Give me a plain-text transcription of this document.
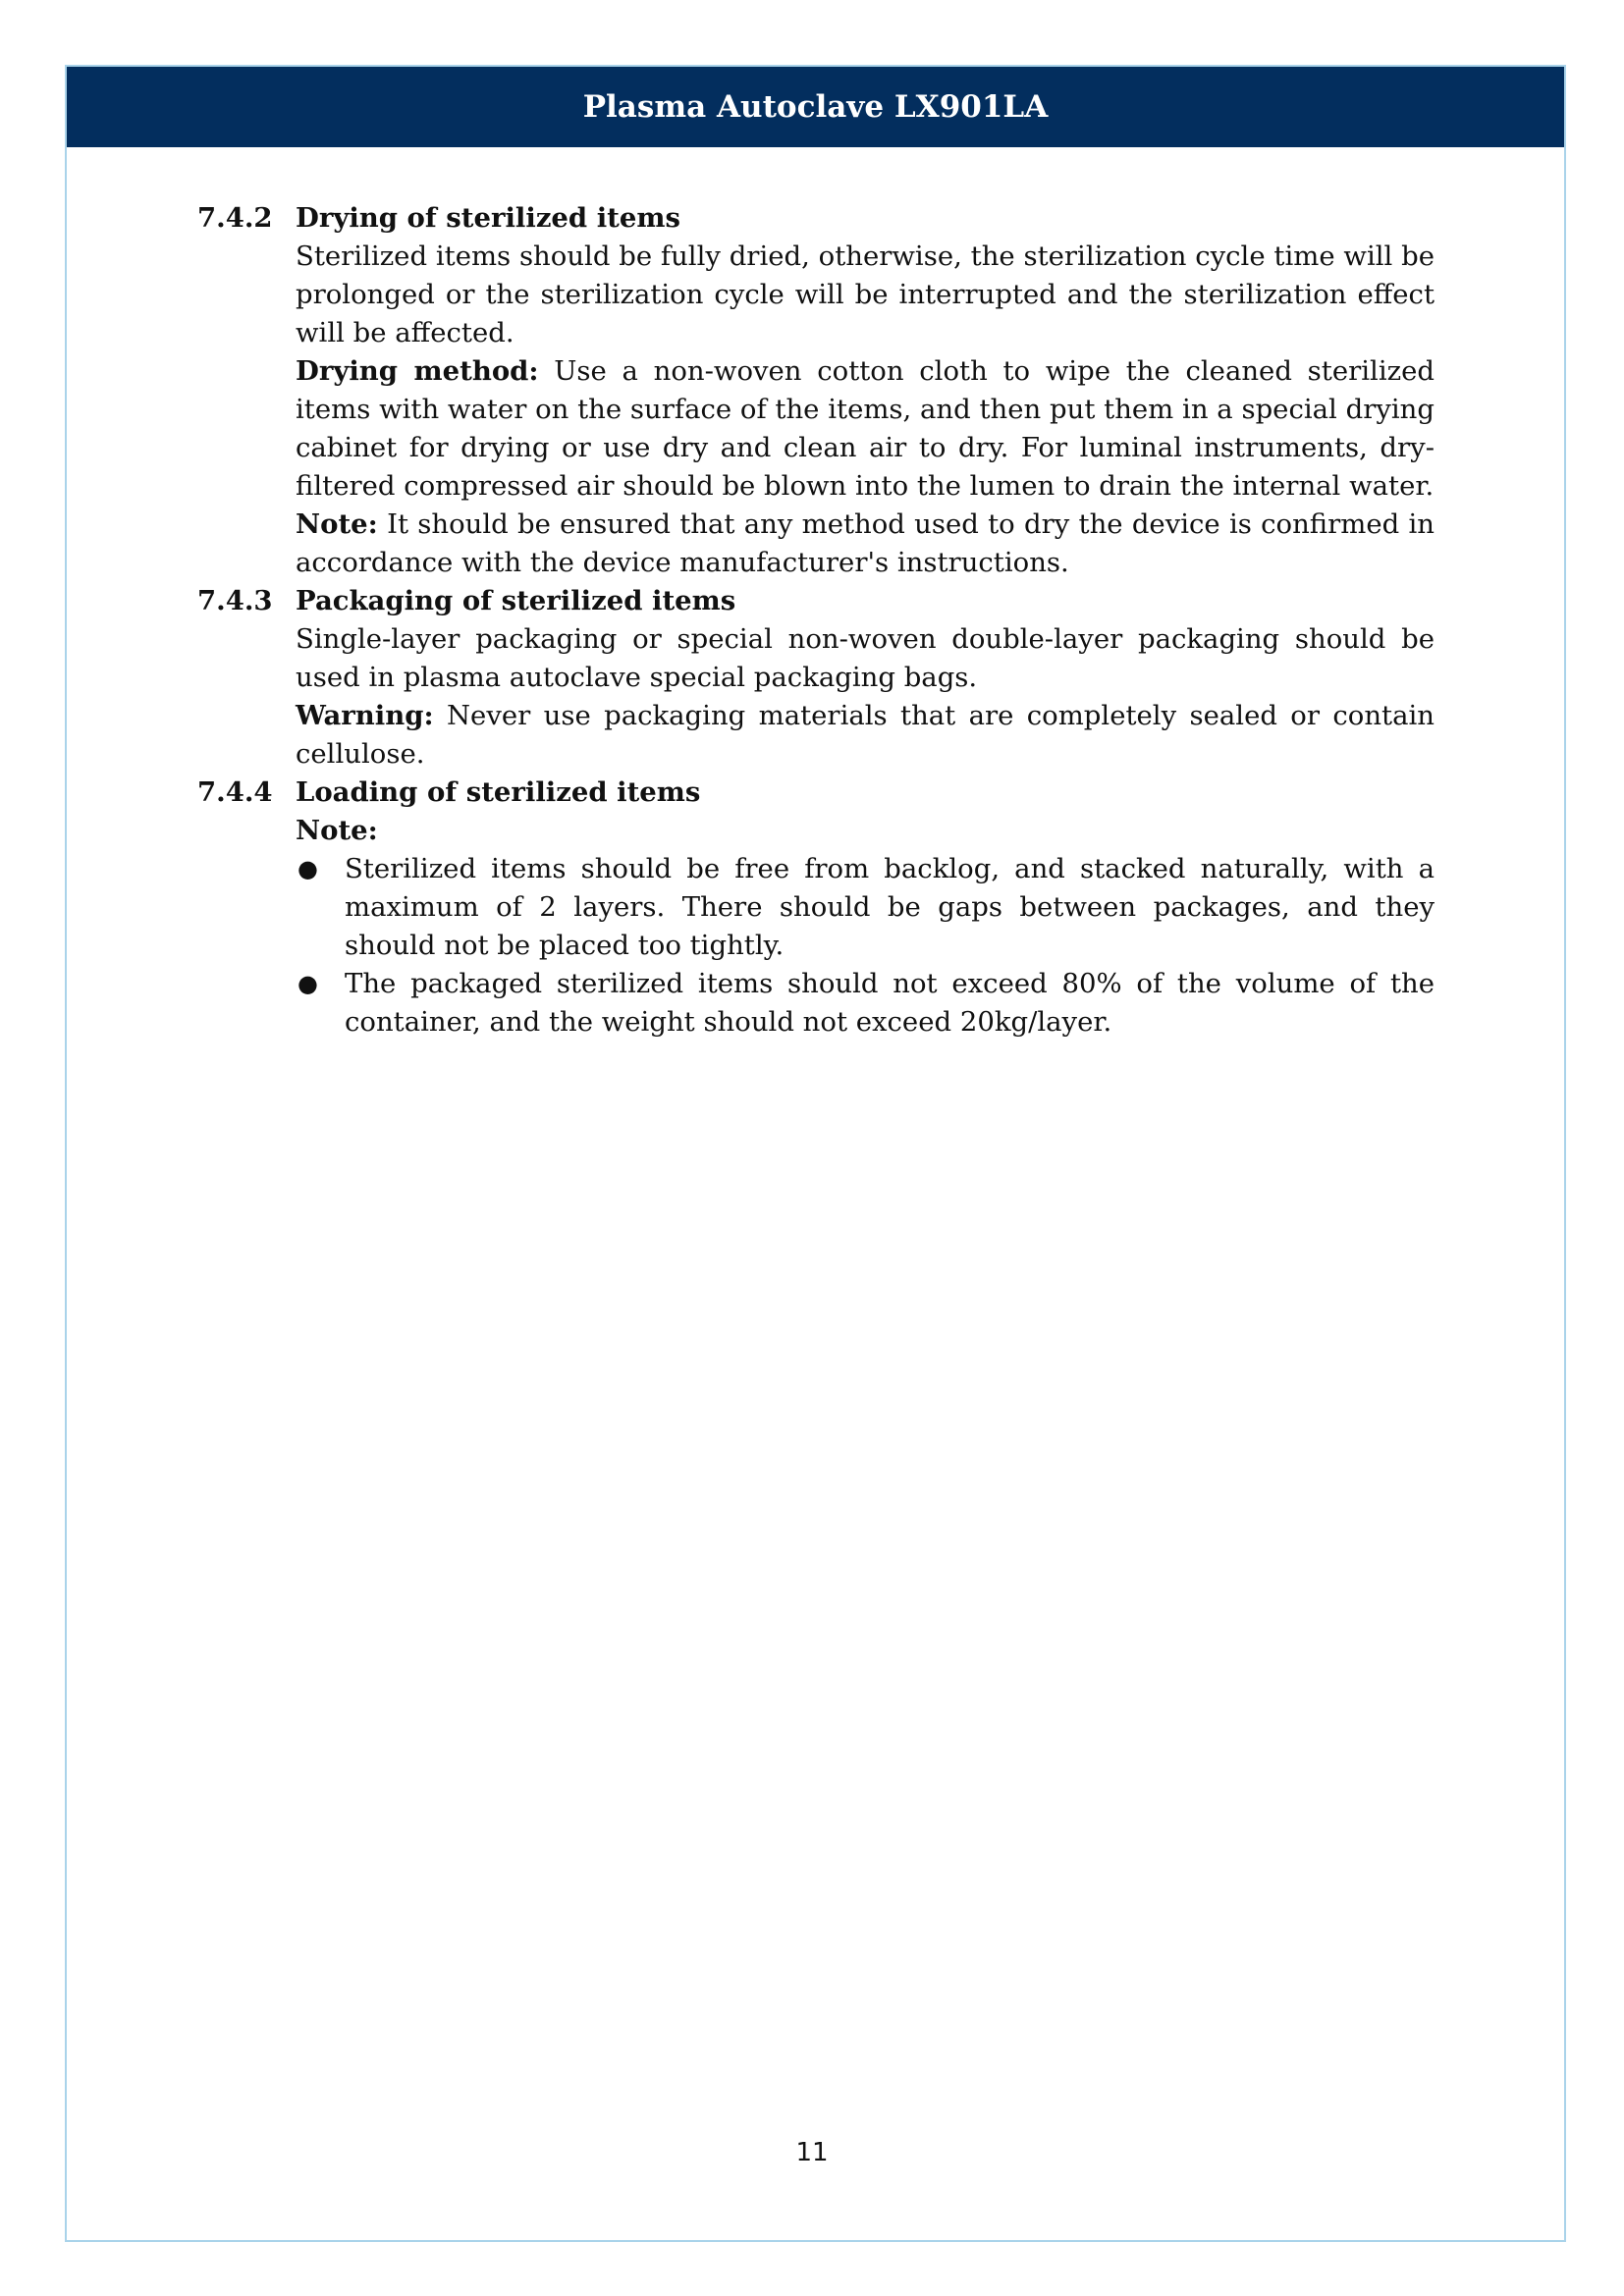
Plasma Autoclave LX901LA
7.4.2 Drying of sterilized items

Sterilized items should be fully dried, otherwise, the sterilization cycle time will be prolonged or the sterilization cycle will be interrupted and the sterilization effect will be affected.

Drying method: Use a non-woven cotton cloth to wipe the cleaned sterilized items with water on the surface of the items, and then put them in a special drying cabinet for drying or use dry and clean air to dry. For luminal instruments, dry-filtered compressed air should be blown into the lumen to drain the internal water.

Note: It should be ensured that any method used to dry the device is confirmed in accordance with the device manufacturer's instructions.

7.4.3 Packaging of sterilized items

Single-layer packaging or special non-woven double-layer packaging should be used in plasma autoclave special packaging bags.

Warning: Never use packaging materials that are completely sealed or contain cellulose.

7.4.4 Loading of sterilized items
Note:
● Sterilized items should be free from backlog, and stacked naturally, with a maximum of 2 layers. There should be gaps between packages, and they should not be placed too tightly.
● The packaged sterilized items should not exceed 80% of the volume of the container, and the weight should not exceed 20kg/layer.
11
